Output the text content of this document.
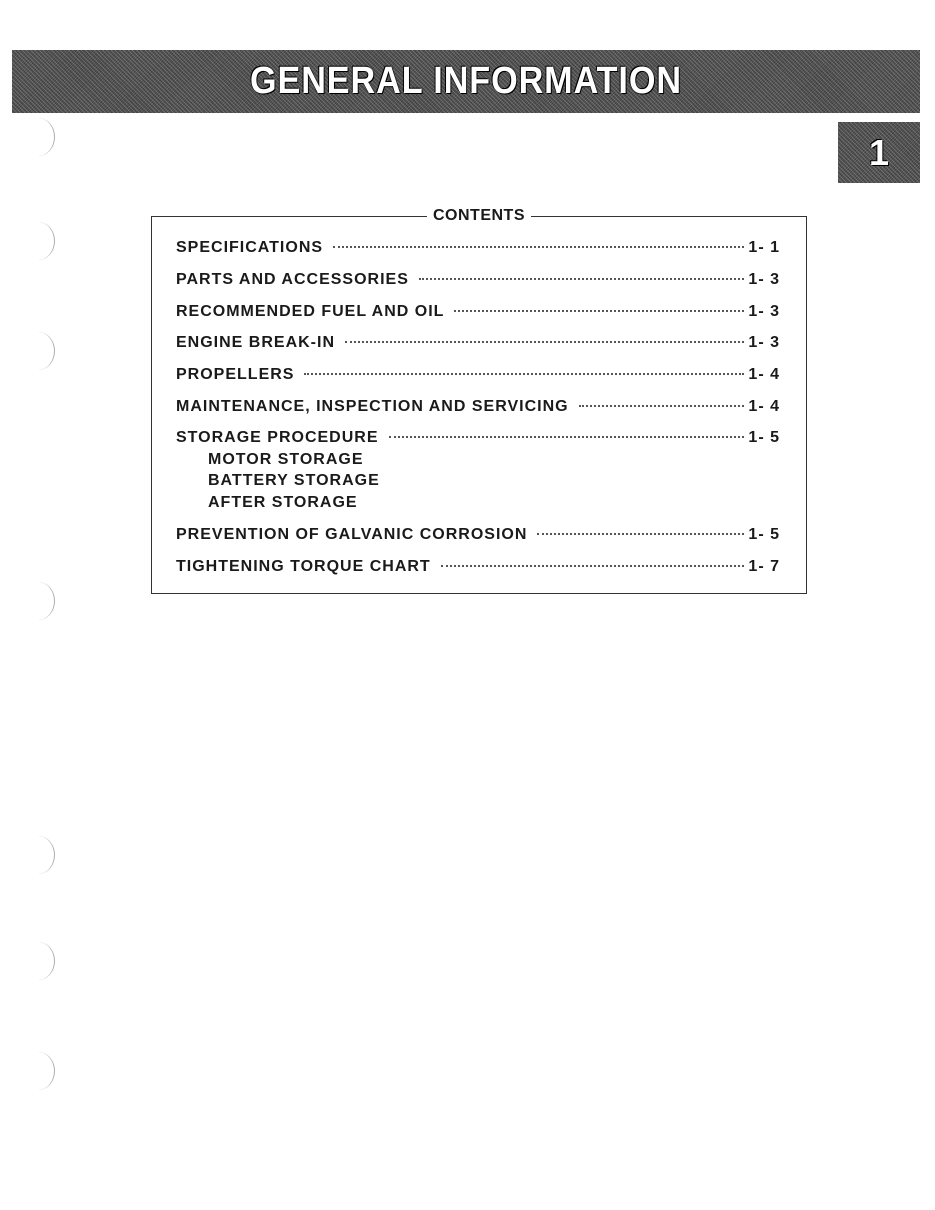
GENERAL INFORMATION
1
CONTENTS
SPECIFICATIONS	1- 1
PARTS AND ACCESSORIES	1- 3
RECOMMENDED FUEL AND OIL	1- 3
ENGINE BREAK-IN	1- 3
PROPELLERS	1- 4
MAINTENANCE, INSPECTION AND SERVICING	1- 4
STORAGE PROCEDURE	1- 5
MOTOR STORAGE
BATTERY STORAGE
AFTER STORAGE
PREVENTION OF GALVANIC CORROSION	1- 5
TIGHTENING TORQUE CHART	1- 7
